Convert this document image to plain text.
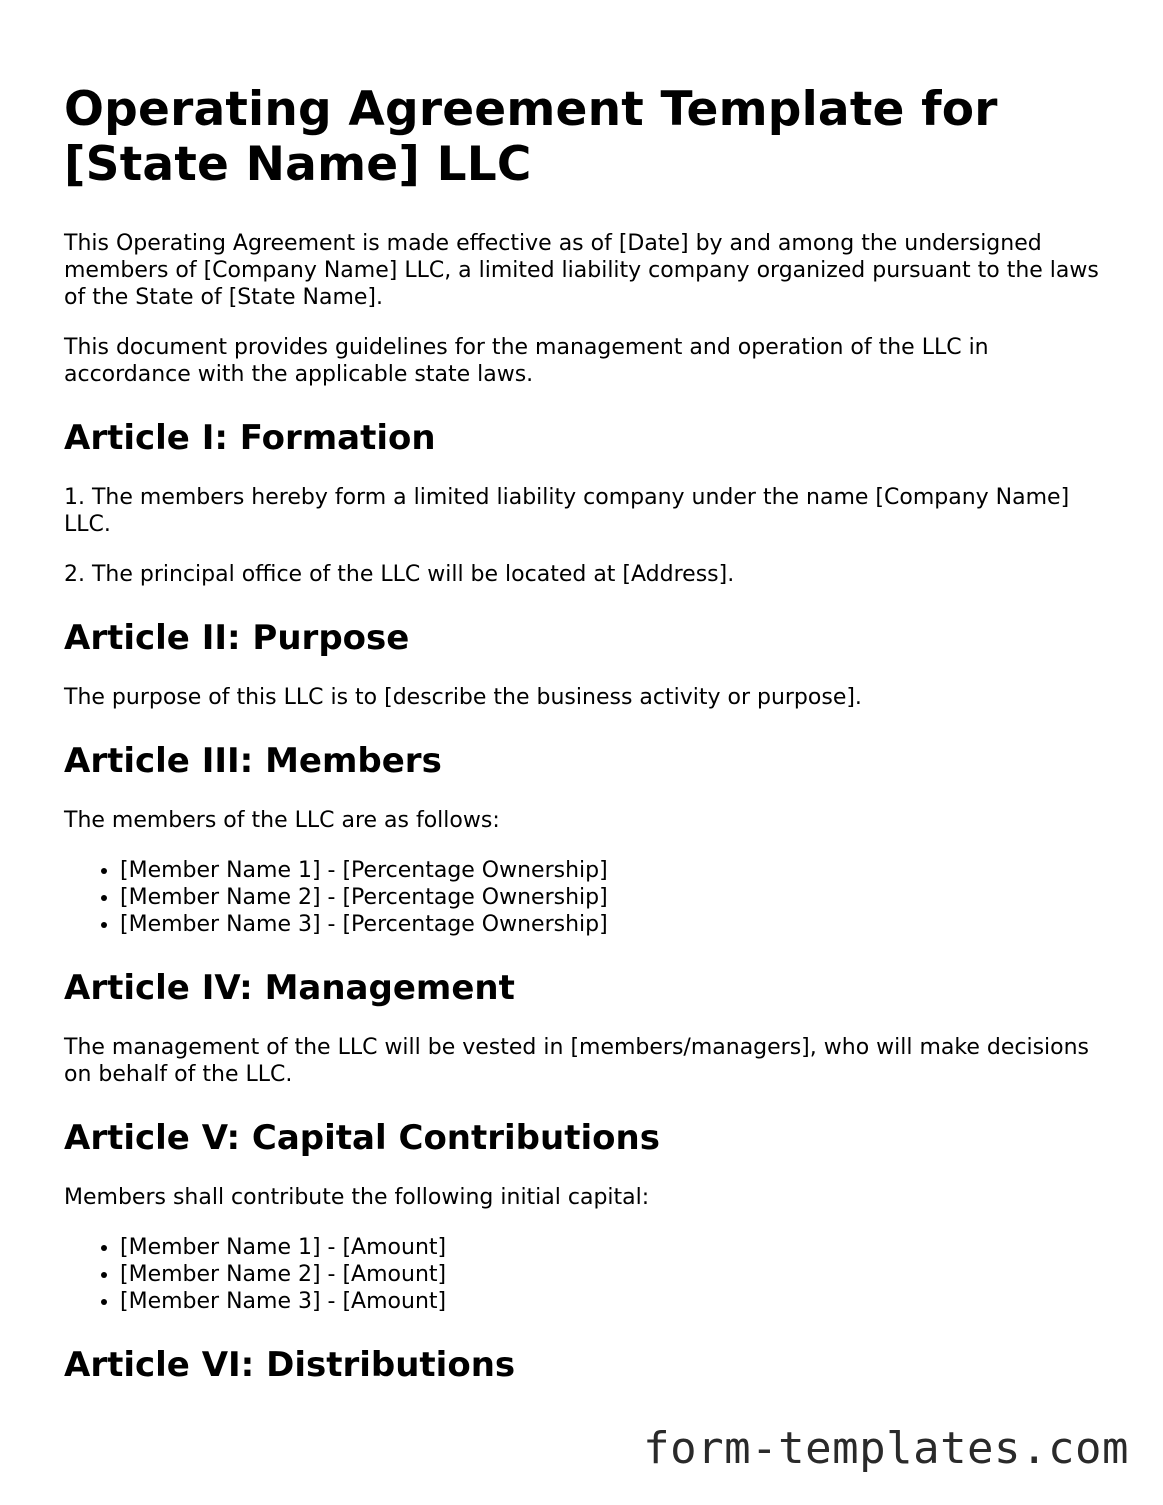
Operating Agreement Template for [State Name] LLC

This Operating Agreement is made effective as of [Date] by and among the undersigned members of [Company Name] LLC, a limited liability company organized pursuant to the laws of the State of [State Name].

This document provides guidelines for the management and operation of the LLC in accordance with the applicable state laws.

Article I: Formation

1. The members hereby form a limited liability company under the name [Company Name] LLC.

2. The principal office of the LLC will be located at [Address].

Article II: Purpose

The purpose of this LLC is to [describe the business activity or purpose].

Article III: Members

The members of the LLC are as follows:

• [Member Name 1] - [Percentage Ownership]
• [Member Name 2] - [Percentage Ownership]
• [Member Name 3] - [Percentage Ownership]
Article IV: Management

The management of the LLC will be vested in [members/managers], who will make decisions on behalf of the LLC.

Article V: Capital Contributions

Members shall contribute the following initial capital:

• [Member Name 1] - [Amount]
• [Member Name 2] - [Amount]
• [Member Name 3] - [Amount]
Article VI: Distributions
form-templates.com
